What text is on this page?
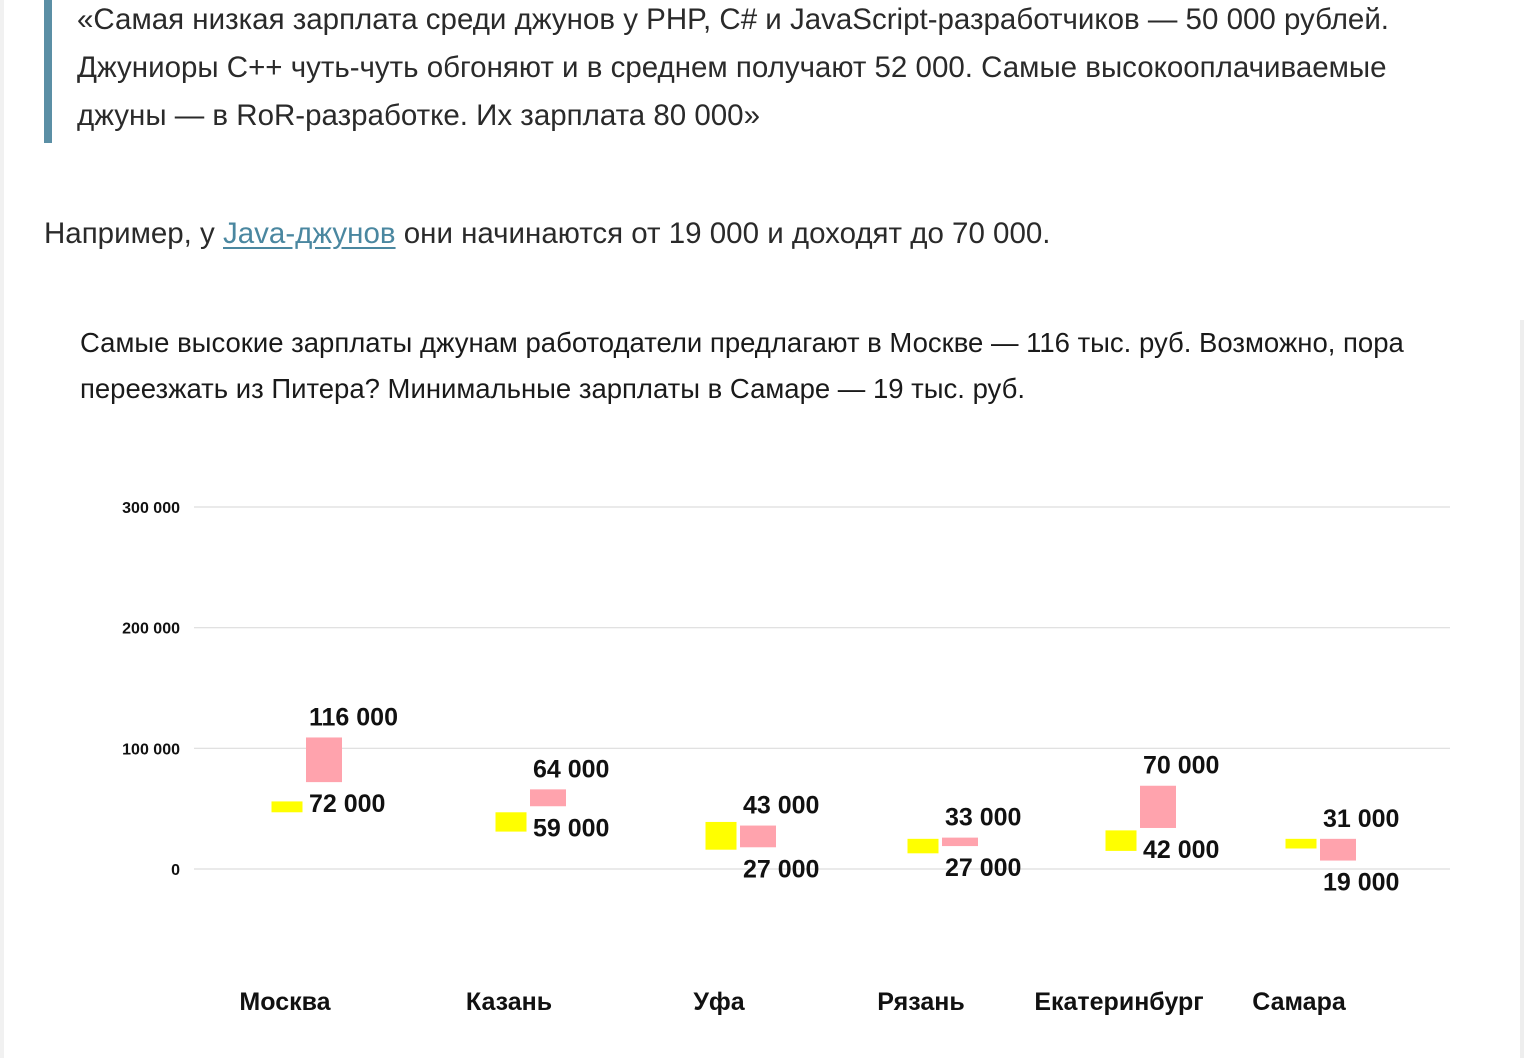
«Самая низкая зарплата среди джунов у PHP, C# и JavaScript-разработчиков — 50 000 рублей. Джуниоры C++ чуть-чуть обгоняют и в среднем получают 52 000. Самые высокооплачиваемые джуны — в RoR-разработке. Их зарплата 80 000»
Например, у Java-джунов они начинаются от 19 000 и доходят до 70 000.
Самые высокие зарплаты джунам работодатели предлагают в Москве — 116 тыс. руб. Возможно, пора переезжать из Питера? Минимальные зарплаты в Самаре — 19 тыс. руб.
0
100 000
200 000
300 000
116 000
72 000
Москва
64 000
59 000
Казань
43 000
27 000
Уфа
33 000
27 000
Рязань
70 000
42 000
Екатеринбург
31 000
19 000
Самара
